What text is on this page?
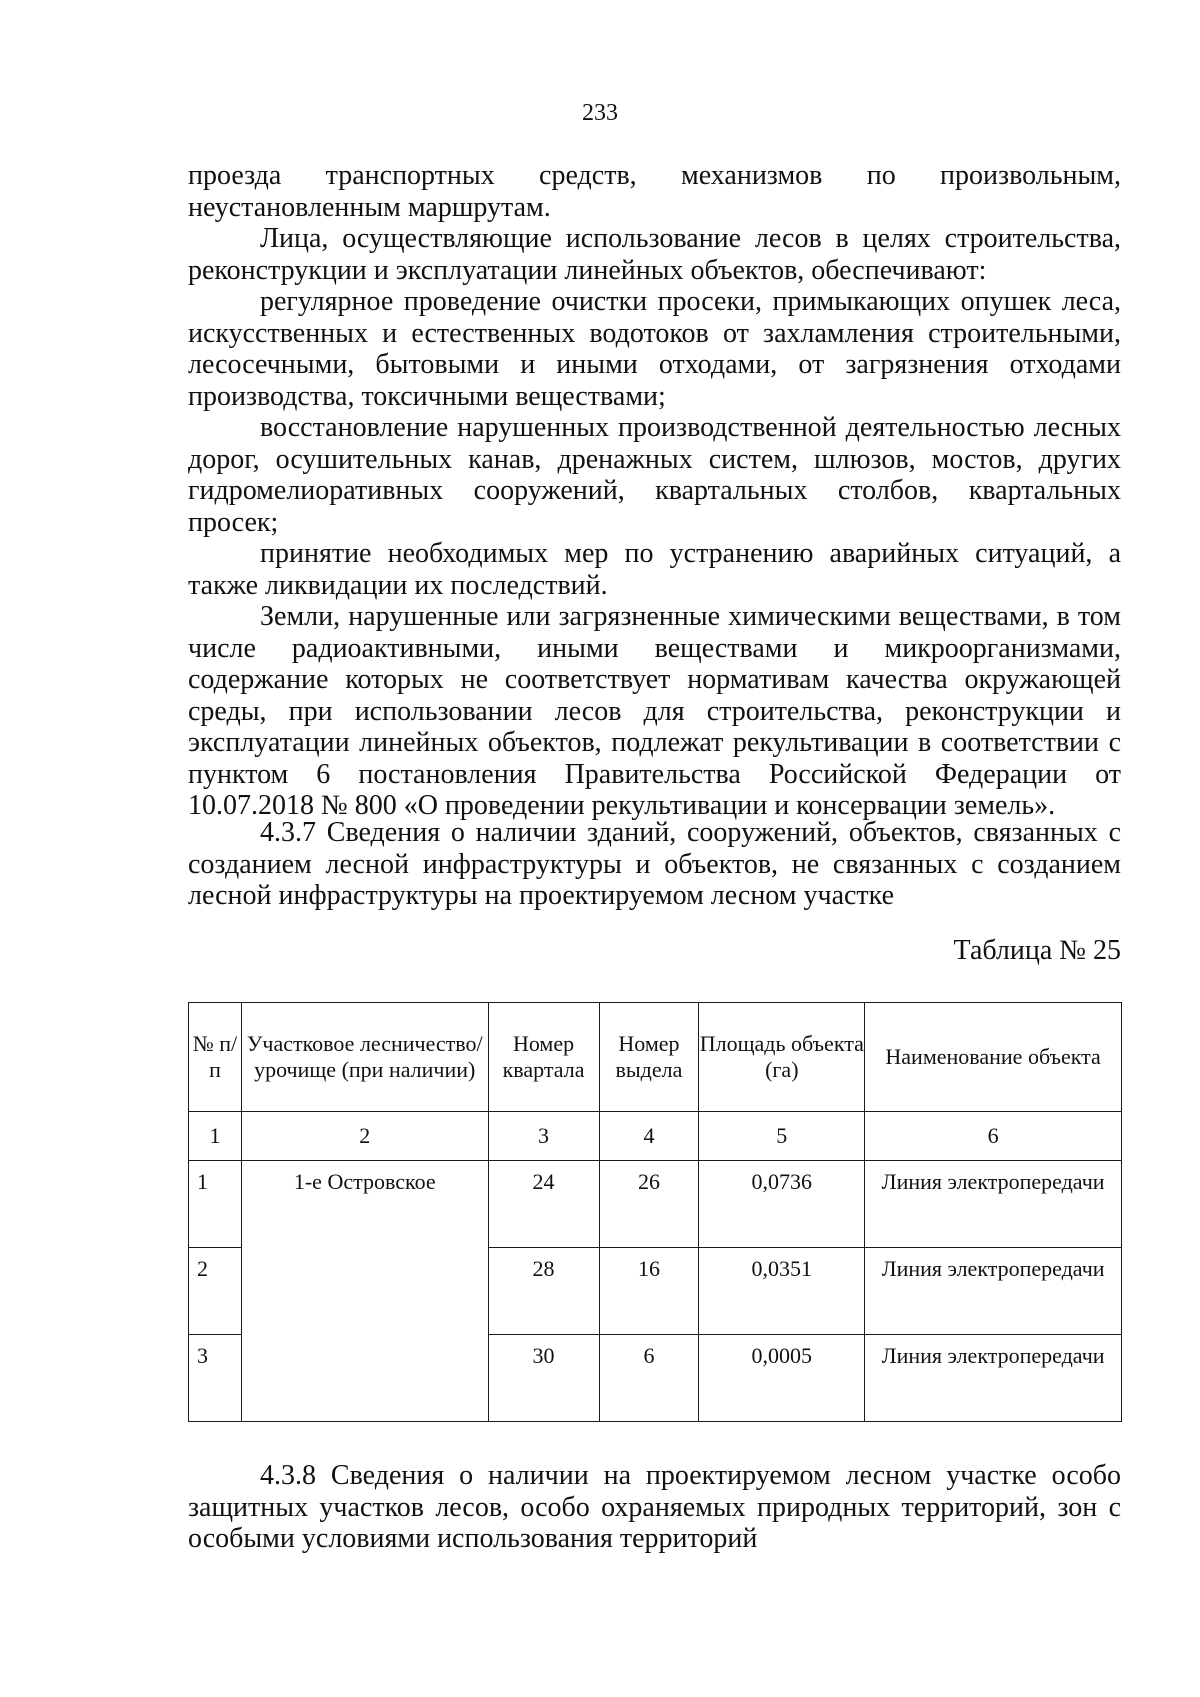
233

проезда транспортных средств, механизмов по произвольным, неустановленным маршрутам.

Лица, осуществляющие использование лесов в целях строительства, реконструкции и эксплуатации линейных объектов, обеспечивают:

регулярное проведение очистки просеки, примыкающих опушек леса, искусственных и естественных водотоков от захламления строительными, лесосечными, бытовыми и иными отходами, от загрязнения отходами производства, токсичными веществами;

восстановление нарушенных производственной деятельностью лесных дорог, осушительных канав, дренажных систем, шлюзов, мостов, других гидромелиоративных сооружений, квартальных столбов, квартальных просек;

принятие необходимых мер по устранению аварийных ситуаций, а также ликвидации их последствий.

Земли, нарушенные или загрязненные химическими веществами, в том числе радиоактивными, иными веществами и микроорганизмами, содержание которых не соответствует нормативам качества окружающей среды, при использовании лесов для строительства, реконструкции и эксплуатации линейных объектов, подлежат рекультивации в соответствии с пунктом 6 постановления Правительства Российской Федерации от 10.07.2018 № 800 «О проведении рекультивации и консервации земель».

4.3.7 Сведения о наличии зданий, сооружений, объектов, связанных с созданием лесной инфраструктуры и объектов, не связанных с созданием лесной инфраструктуры на проектируемом лесном участке

Таблица № 25
№ п/п	Участковое лесничество/урочище (при наличии)	Номер квартала	Номер выдела	Площадь объекта (га)	Наименование объекта
1	2	3	4	5	6
1	1-е Островское	24	26	0,0736	Линия электропередачи
2		28	16	0,0351	Линия электропередачи
3		30	6	0,0005	Линия электропередачи

4.3.8 Сведения о наличии на проектируемом лесном участке особо защитных участков лесов, особо охраняемых природных территорий, зон с особыми условиями использования территорий
